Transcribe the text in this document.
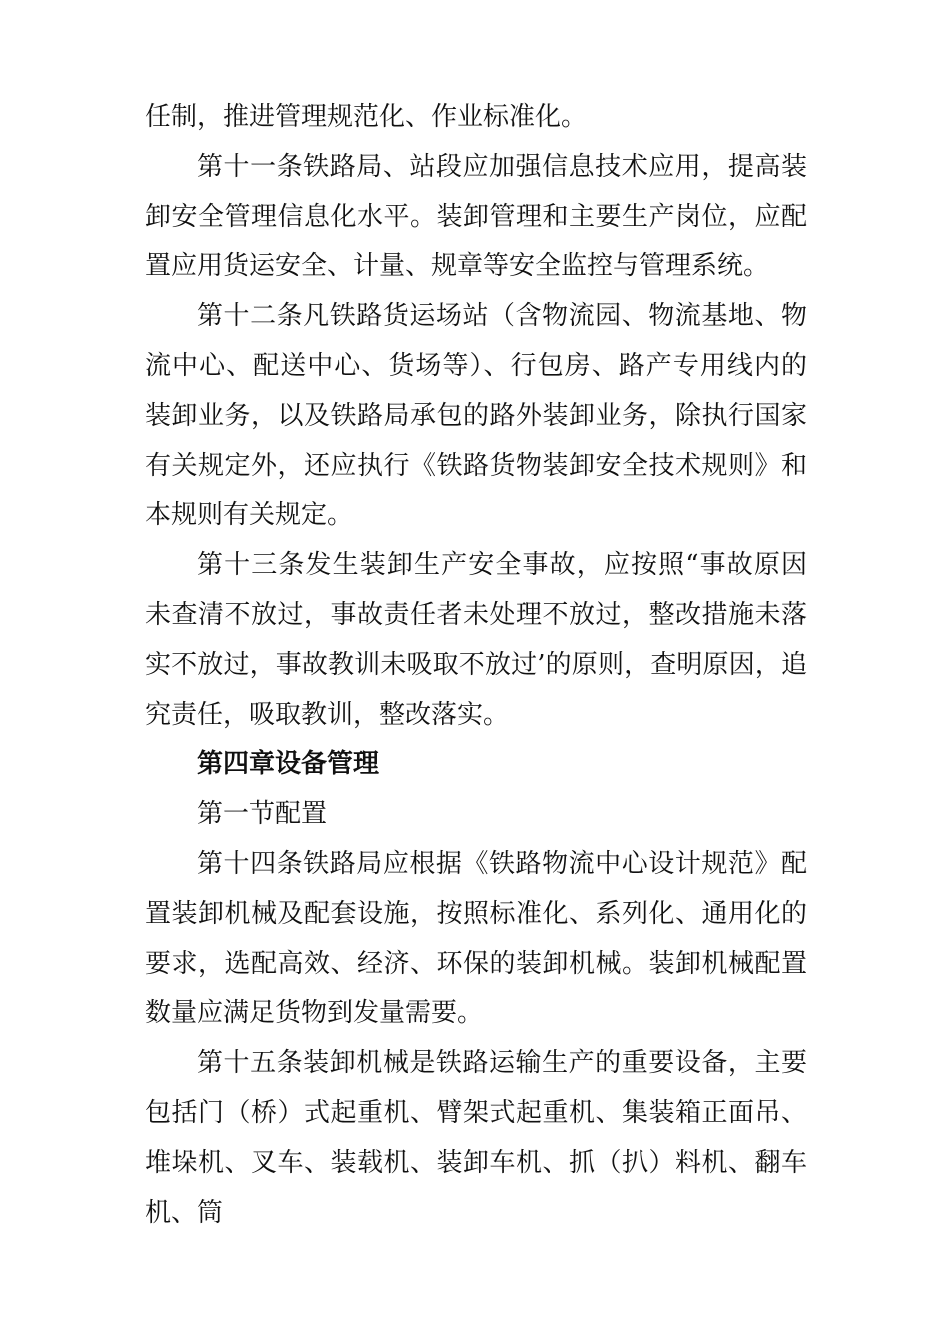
任制，推进管理规范化、作业标准化。

第十一条铁路局、站段应加强信息技术应用，提高装卸安全管理信息化水平。装卸管理和主要生产岗位，应配置应用货运安全、计量、规章等安全监控与管理系统。

第十二条凡铁路货运场站（含物流园、物流基地、物流中心、配送中心、货场等）、行包房、路产专用线内的装卸业务，以及铁路局承包的路外装卸业务，除执行国家有关规定外，还应执行《铁路货物装卸安全技术规则》和本规则有关规定。

第十三条发生装卸生产安全事故，应按照“事故原因未查清不放过，事故责任者未处理不放过，整改措施未落实不放过，事故教训未吸取不放过’的原则，查明原因，追究责任，吸取教训，整改落实。

第四章设备管理

第一节配置

第十四条铁路局应根据《铁路物流中心设计规范》配置装卸机械及配套设施，按照标准化、系列化、通用化的要求，选配高效、经济、环保的装卸机械。装卸机械配置数量应满足货物到发量需要。

第十五条装卸机械是铁路运输生产的重要设备，主要包括门（桥）式起重机、臂架式起重机、集装箱正面吊、堆垛机、叉车、装载机、装卸车机、抓（扒）料机、翻车机、筒
